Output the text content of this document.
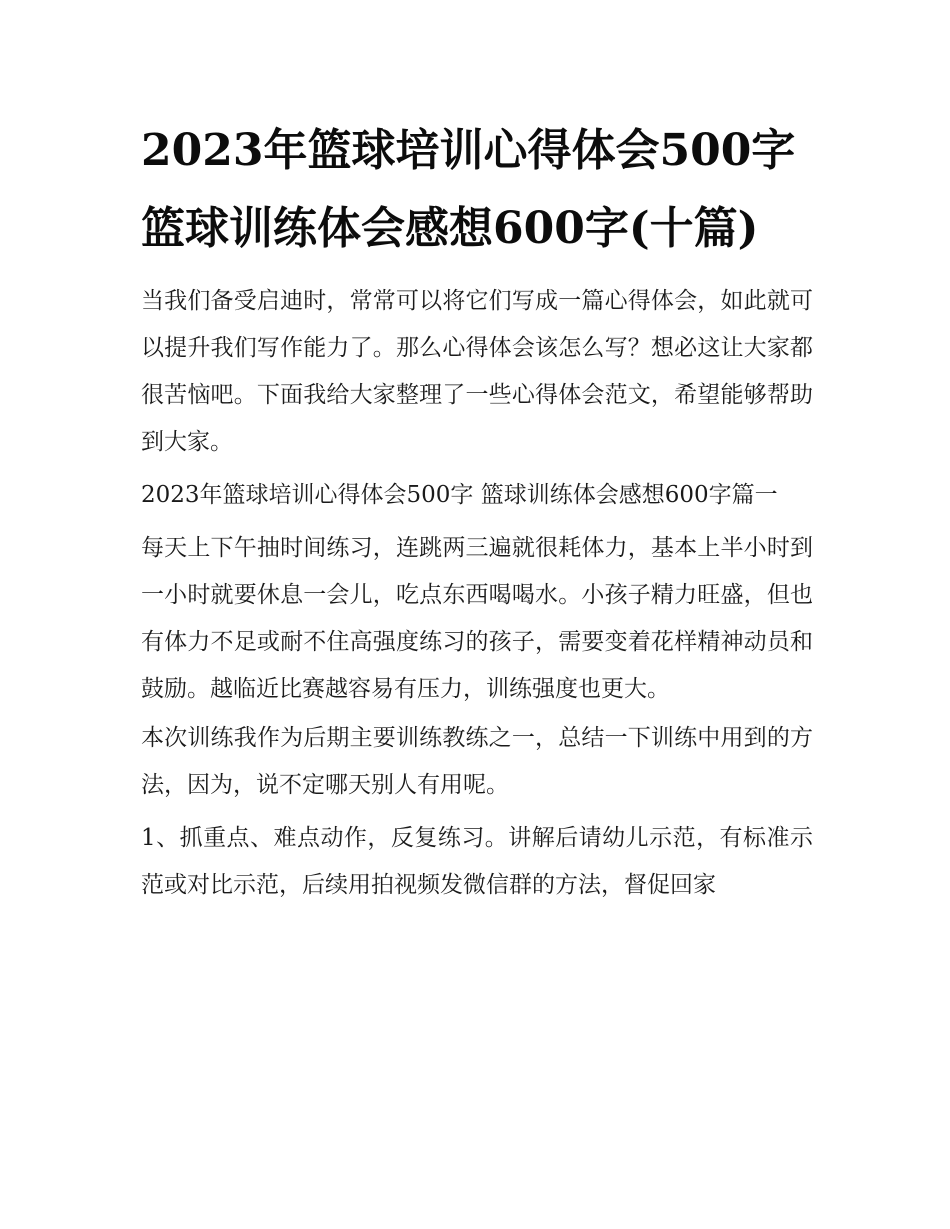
2023年篮球培训心得体会500字 篮球训练体会感想600字(十篇)

当我们备受启迪时，常常可以将它们写成一篇心得体会，如此就可以提升我们写作能力了。那么心得体会该怎么写？想必这让大家都很苦恼吧。下面我给大家整理了一些心得体会范文，希望能够帮助到大家。

2023年篮球培训心得体会500字 篮球训练体会感想600字篇一

每天上下午抽时间练习，连跳两三遍就很耗体力，基本上半小时到一小时就要休息一会儿，吃点东西喝喝水。小孩子精力旺盛，但也有体力不足或耐不住高强度练习的孩子，需要变着花样精神动员和鼓励。越临近比赛越容易有压力，训练强度也更大。

本次训练我作为后期主要训练教练之一，总结一下训练中用到的方法，因为，说不定哪天别人有用呢。

1、抓重点、难点动作，反复练习。讲解后请幼儿示范，有标准示范或对比示范，后续用拍视频发微信群的方法，督促回家
